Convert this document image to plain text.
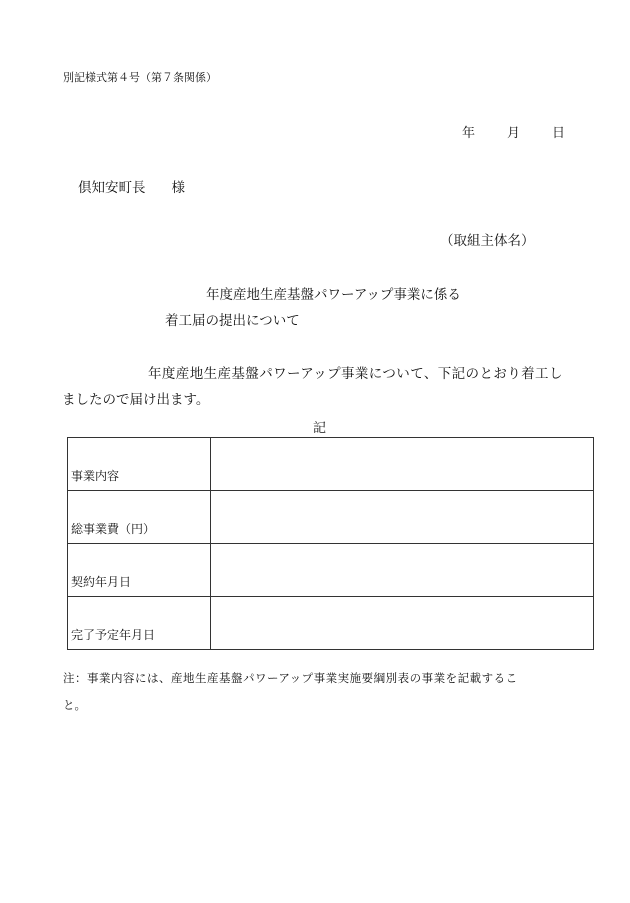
別記様式第４号（第７条関係）
年 月 日
倶知安町長 様
（取組主体名）
年度産地生産基盤パワーアップ事業に係る
着工届の提出について
年度産地生産基盤パワーアップ事業について、下記のとおり着工し
ましたので届け出ます。
記
事業内容	

総事業費（円）	

契約年月日	

完了予定年月日	

注：事業内容には、産地生産基盤パワーアップ事業実施要綱別表の事業を記載するこ
と。
